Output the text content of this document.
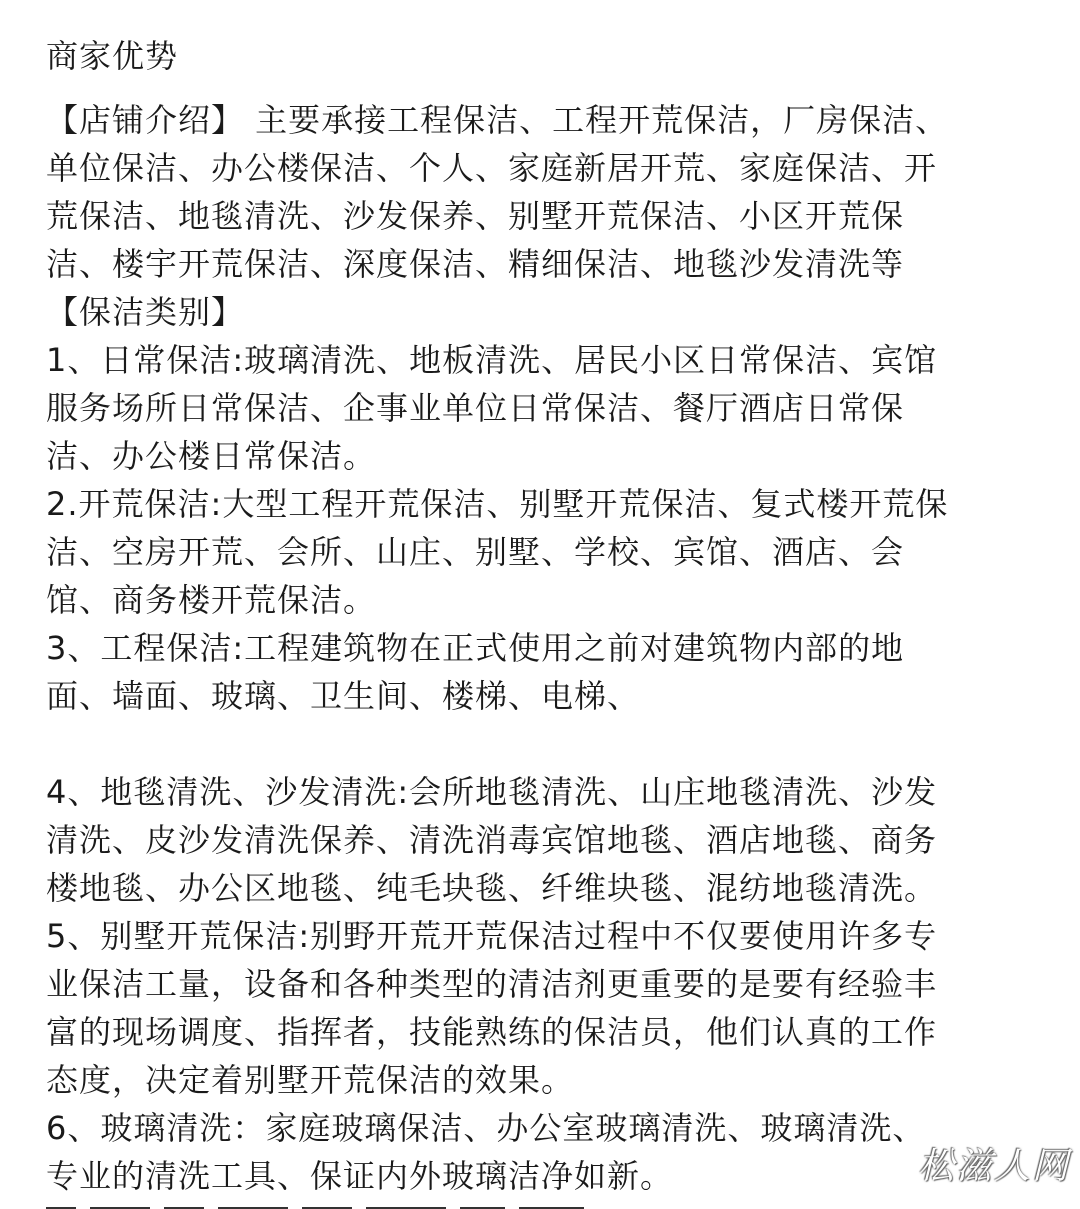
商家优势
【店铺介绍】 主要承接工程保洁、工程开荒保洁，厂房保洁、
单位保洁、办公楼保洁、个人、家庭新居开荒、家庭保洁、开
荒保洁、地毯清洗、沙发保养、别墅开荒保洁、小区开荒保
洁、楼宇开荒保洁、深度保洁、精细保洁、地毯沙发清洗等
【保洁类别】
1、日常保洁:玻璃清洗、地板清洗、居民小区日常保洁、宾馆
服务场所日常保洁、企事业单位日常保洁、餐厅酒店日常保
洁、办公楼日常保洁。
2.开荒保洁:大型工程开荒保洁、别墅开荒保洁、复式楼开荒保
洁、空房开荒、会所、山庄、别墅、学校、宾馆、酒店、会
馆、商务楼开荒保洁。
3、工程保洁:工程建筑物在正式使用之前对建筑物内部的地
面、墙面、玻璃、卫生间、楼梯、电梯、
4、地毯清洗、沙发清洗:会所地毯清洗、山庄地毯清洗、沙发
清洗、皮沙发清洗保养、清洗消毒宾馆地毯、酒店地毯、商务
楼地毯、办公区地毯、纯毛块毯、纤维块毯、混纺地毯清洗。
5、别墅开荒保洁:别野开荒开荒保洁过程中不仅要使用许多专
业保洁工量，设备和各种类型的清洁剂更重要的是要有经验丰
富的现场调度、指挥者，技能熟练的保洁员，他们认真的工作
态度，决定着别墅开荒保洁的效果。
6、玻璃清洗：家庭玻璃保洁、办公室玻璃清洗、玻璃清洗、
专业的清洗工具、保证内外玻璃洁净如新。	松滋人网
